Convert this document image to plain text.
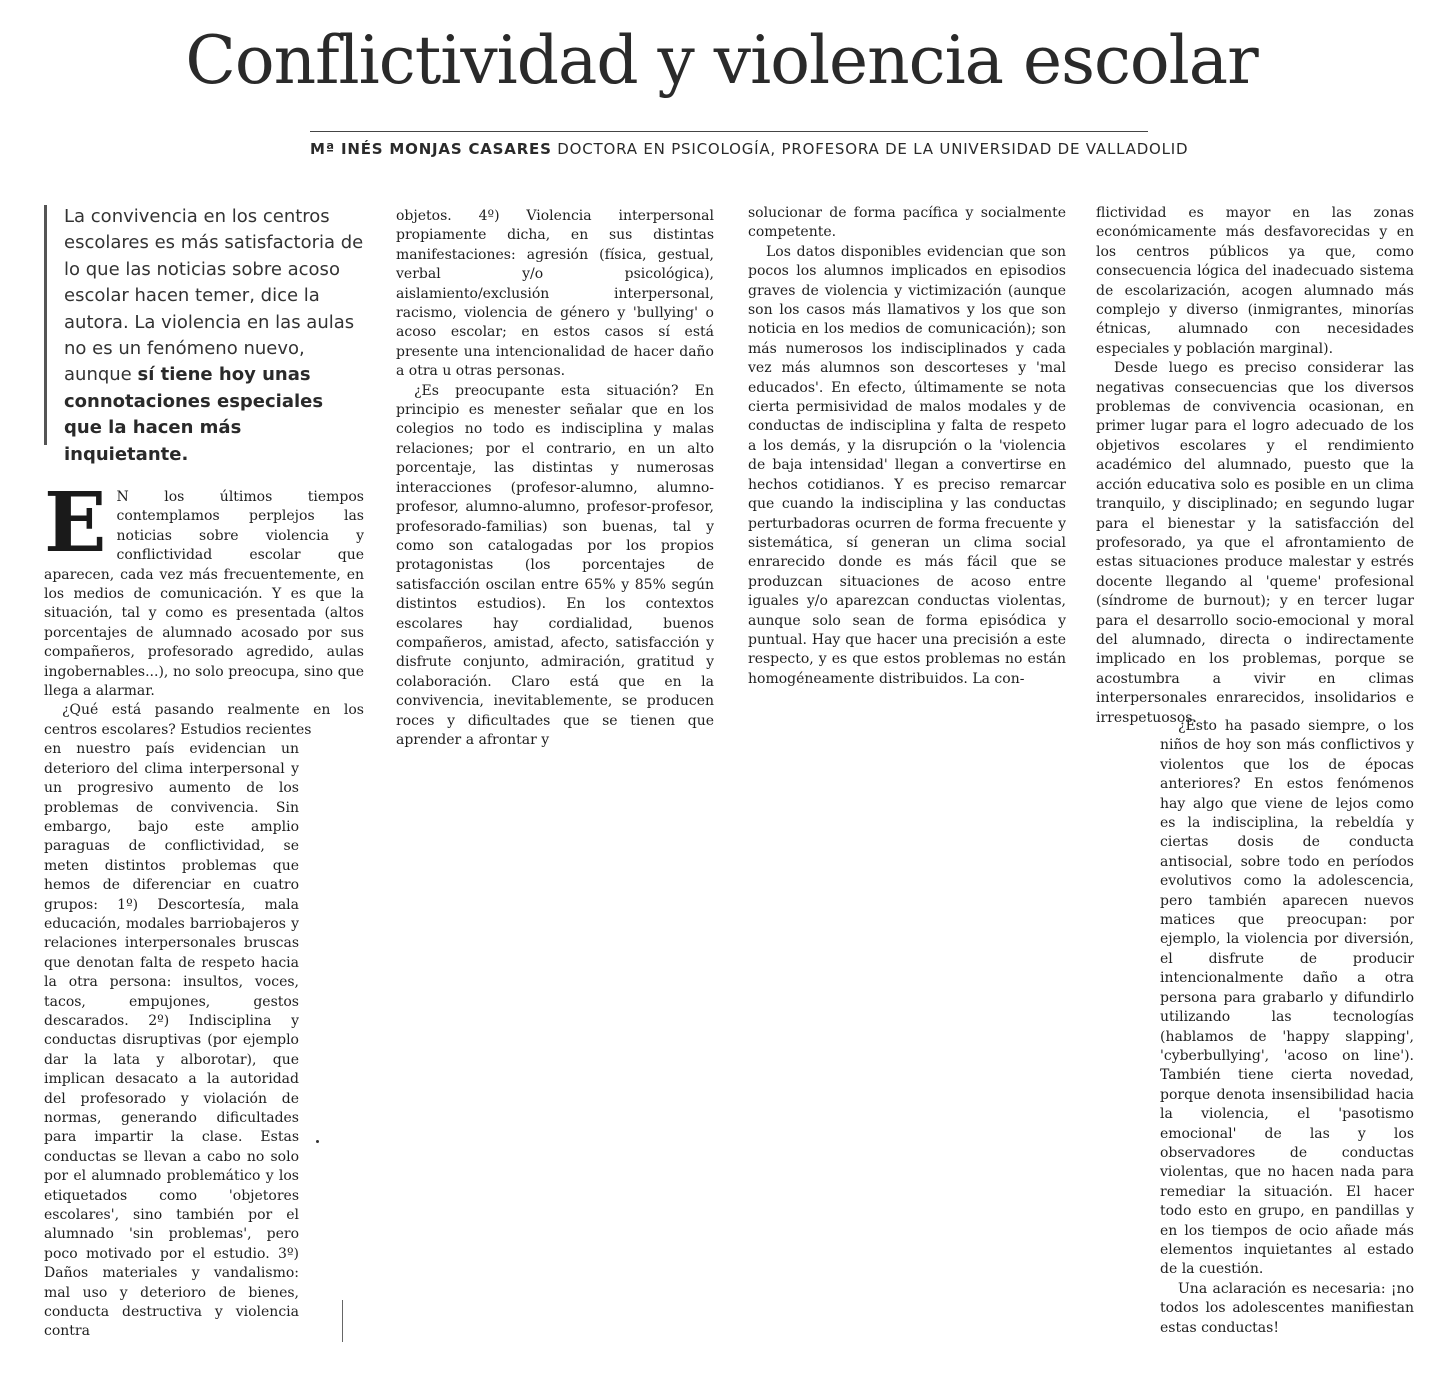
Conflictividad y violencia escolar
Mª INÉS MONJAS CASARES DOCTORA EN PSICOLOGÍA, PROFESORA DE LA UNIVERSIDAD DE VALLADOLID

La convivencia en los centros escolares es más satisfactoria de lo que las noticias sobre acoso escolar hacen temer, dice la autora. La violencia en las aulas no es un fenómeno nuevo, aunque sí tiene hoy unas connotaciones especiales que la hacen más inquietante.

E N los últimos tiempos contemplamos perplejos las noticias sobre violencia y conflictividad escolar que aparecen, cada vez más frecuentemente, en los medios de comunicación. Y es que la situación, tal y como es presentada (altos porcentajes de alumnado acosado por sus compañeros, profesorado agredido, aulas ingobernables...), no solo preocupa, sino que llega a alarmar.

¿Qué está pasando realmente en los centros escolares? Estudios recientes

en nuestro país evidencian un deterioro del clima interpersonal y un progresivo aumento de los problemas de convivencia. Sin embargo, bajo este amplio paraguas de conflictividad, se meten distintos problemas que hemos de diferenciar en cuatro grupos: 1º) Descortesía, mala educación, modales barriobajeros y relaciones interpersonales bruscas que denotan falta de respeto hacia la otra persona: insultos, voces, tacos, empujones, gestos descarados. 2º) Indisciplina y conductas disruptivas (por ejemplo dar la lata y alborotar), que implican desacato a la autoridad del profesorado y violación de normas, generando dificultades para impartir la clase. Estas conductas se llevan a cabo no solo por el alumnado problemático y los etiquetados como 'objetores escolares', sino también por el alumnado 'sin problemas', pero poco motivado por el estudio. 3º) Daños materiales y vandalismo: mal uso y deterioro de bienes, conducta destructiva y violencia contra

objetos. 4º) Violencia interpersonal propiamente dicha, en sus distintas manifestaciones: agresión (física, gestual, verbal y/o psicológica), aislamiento/exclusión interpersonal, racismo, violencia de género y 'bullying' o acoso escolar; en estos casos sí está presente una intencionalidad de hacer daño a otra u otras personas.

¿Es preocupante esta situación? En principio es menester señalar que en los colegios no todo es indisciplina y malas relaciones; por el contrario, en un alto porcentaje, las distintas y numerosas interacciones (profesor-alumno, alumno-profesor, alumno-alumno, profesor-profesor, profesorado-familias) son buenas, tal y como son catalogadas por los propios protagonistas (los porcentajes de satisfacción oscilan entre 65% y 85% según distintos estudios). En los contextos escolares hay cordialidad, buenos compañeros, amistad, afecto, satisfacción y disfrute conjunto, admiración, gratitud y colaboración. Claro está que en la convivencia, inevitablemente, se producen roces y dificultades que se tienen que aprender a afrontar y

solucionar de forma pacífica y socialmente competente.

Los datos disponibles evidencian que son pocos los alumnos implicados en episodios graves de violencia y victimización (aunque son los casos más llamativos y los que son noticia en los medios de comunicación); son más numerosos los indisciplinados y cada vez más alumnos son descorteses y 'mal educados'. En efecto, últimamente se nota cierta permisividad de malos modales y de conductas de indisciplina y falta de respeto a los demás, y la disrupción o la 'violencia de baja intensidad' llegan a convertirse en hechos cotidianos. Y es preciso remarcar que cuando la indisciplina y las conductas perturbadoras ocurren de forma frecuente y sistemática, sí generan un clima social enrarecido donde es más fácil que se produzcan situaciones de acoso entre iguales y/o aparezcan conductas violentas, aunque solo sean de forma episódica y puntual. Hay que hacer una precisión a este respecto, y es que estos problemas no están homogéneamente distribuidos. La con-

flictividad es mayor en las zonas económicamente más desfavorecidas y en los centros públicos ya que, como consecuencia lógica del inadecuado sistema de escolarización, acogen alumnado más complejo y diverso (inmigrantes, minorías étnicas, alumnado con necesidades especiales y población marginal).

Desde luego es preciso considerar las negativas consecuencias que los diversos problemas de convivencia ocasionan, en primer lugar para el logro adecuado de los objetivos escolares y el rendimiento académico del alumnado, puesto que la acción educativa solo es posible en un clima tranquilo, y disciplinado; en segundo lugar para el bienestar y la satisfacción del profesorado, ya que el afrontamiento de estas situaciones produce malestar y estrés docente llegando al 'queme' profesional (síndrome de burnout); y en tercer lugar para el desarrollo socio-emocional y moral del alumnado, directa o indirectamente implicado en los problemas, porque se acostumbra a vivir en climas interpersonales enrarecidos, insolidarios e irrespetuosos.

¿Esto ha pasado siempre, o los niños de hoy son más conflictivos y violentos que los de épocas anteriores? En estos fenómenos hay algo que viene de lejos como es la indisciplina, la rebeldía y ciertas dosis de conducta antisocial, sobre todo en períodos evolutivos como la adolescencia, pero también aparecen nuevos matices que preocupan: por ejemplo, la violencia por diversión, el disfrute de producir intencionalmente daño a otra persona para grabarlo y difundirlo utilizando las tecnologías (hablamos de 'happy slapping', 'cyberbullying', 'acoso on line'). También tiene cierta novedad, porque denota insensibilidad hacia la violencia, el 'pasotismo emocional' de las y los observadores de conductas violentas, que no hacen nada para remediar la situación. El hacer todo esto en grupo, en pandillas y en los tiempos de ocio añade más elementos inquietantes al estado de la cuestión.

Una aclaración es necesaria: ¡no todos los adolescentes manifiestan estas conductas!
